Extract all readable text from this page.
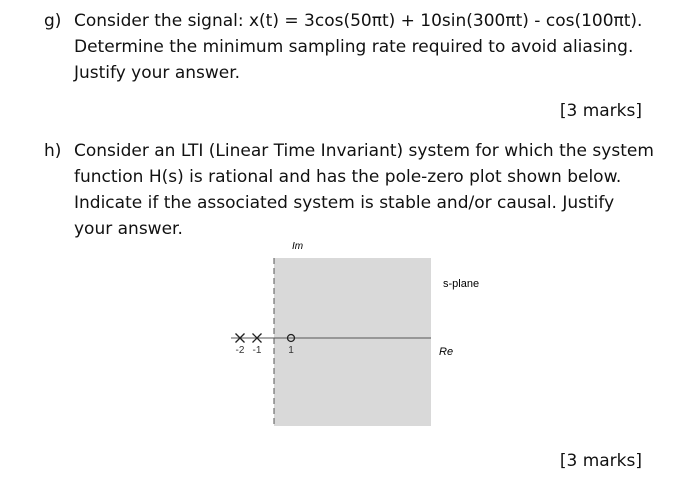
g) Consider the signal: x(t) = 3cos(50πt) + 10sin(300πt) - cos(100πt).
Determine the minimum sampling rate required to avoid aliasing.
Justify your answer.
[3 marks]
h) Consider an LTI (Linear Time Invariant) system for which the system
function H(s) is rational and has the pole-zero plot shown below.
Indicate if the associated system is stable and/or causal. Justify
your answer.
Im
s-plane
Re
-2 -1	1
[3 marks]
